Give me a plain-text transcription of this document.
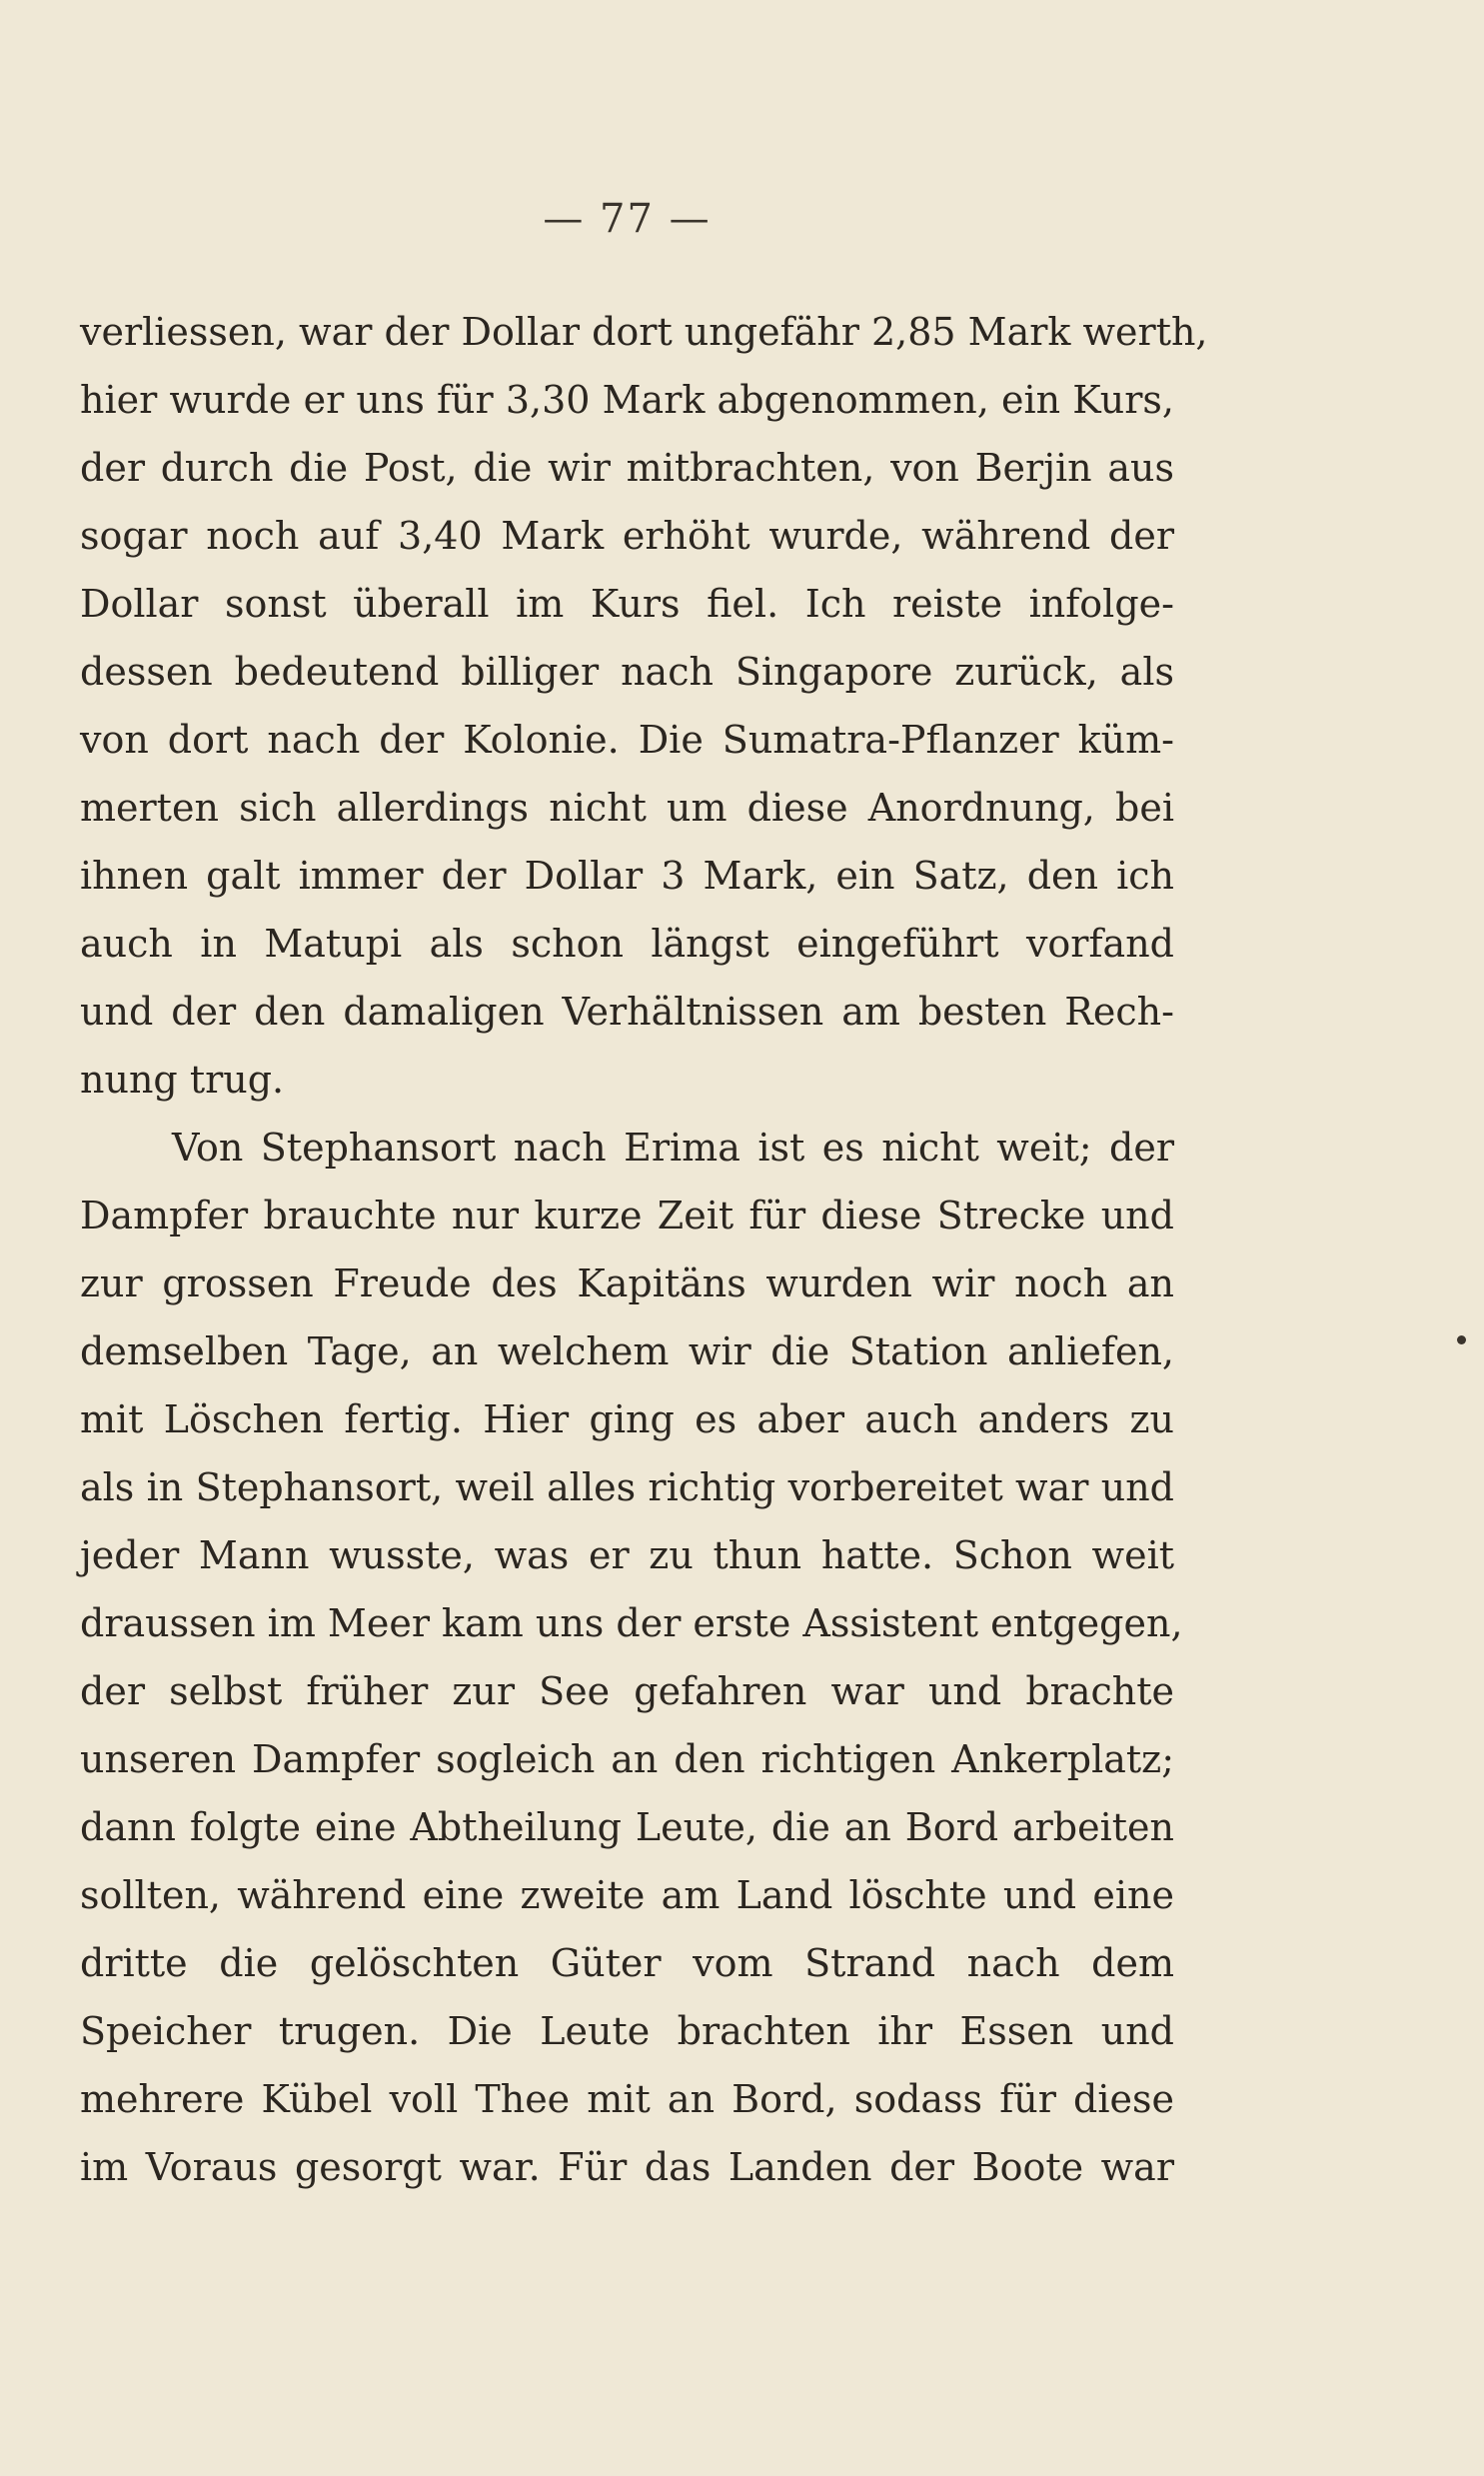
— 77 —
verliessen, war der Dollar dort ungefähr 2,85 Mark werth,
hier wurde er uns für 3,30 Mark abgenommen, ein Kurs,
der durch die Post, die wir mitbrachten, von Berjin aus
sogar noch auf 3,40 Mark erhöht wurde, während der
Dollar sonst überall im Kurs fiel. Ich reiste infolge-
dessen bedeutend billiger nach Singapore zurück, als
von dort nach der Kolonie. Die Sumatra-Pflanzer küm-
merten sich allerdings nicht um diese Anordnung, bei
ihnen galt immer der Dollar 3 Mark, ein Satz, den ich
auch in Matupi als schon längst eingeführt vorfand
und der den damaligen Verhältnissen am besten Rech-
nung trug.
Von Stephansort nach Erima ist es nicht weit; der
Dampfer brauchte nur kurze Zeit für diese Strecke und
zur grossen Freude des Kapitäns wurden wir noch an
demselben Tage, an welchem wir die Station anliefen,
mit Löschen fertig. Hier ging es aber auch anders zu
als in Stephansort, weil alles richtig vorbereitet war und
jeder Mann wusste, was er zu thun hatte. Schon weit
draussen im Meer kam uns der erste Assistent entgegen,
der selbst früher zur See gefahren war und brachte
unseren Dampfer sogleich an den richtigen Ankerplatz;
dann folgte eine Abtheilung Leute, die an Bord arbeiten
sollten, während eine zweite am Land löschte und eine
dritte die gelöschten Güter vom Strand nach dem
Speicher trugen. Die Leute brachten ihr Essen und
mehrere Kübel voll Thee mit an Bord, sodass für diese
im Voraus gesorgt war. Für das Landen der Boote war
